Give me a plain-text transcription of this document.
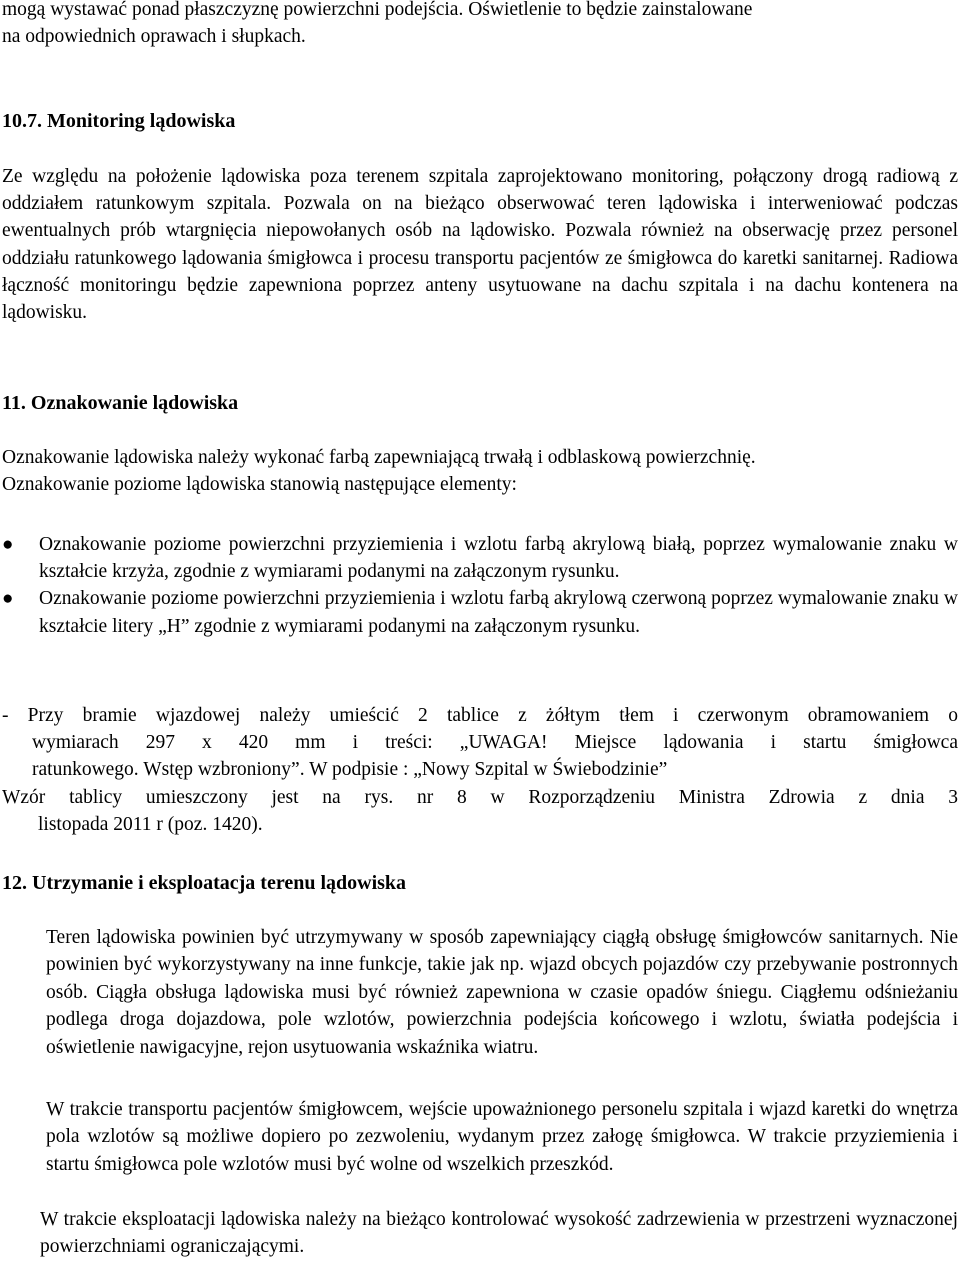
mogą wystawać ponad płaszczyznę powierzchni podejścia. Oświetlenie to będzie zainstalowane
na odpowiednich oprawach i słupkach.

10.7. Monitoring lądowiska

Ze względu na położenie lądowiska poza terenem szpitala zaprojektowano monitoring, połączony drogą radiową z oddziałem ratunkowym szpitala. Pozwala on na bieżąco obserwować teren lądowiska i interweniować podczas ewentualnych prób wtargnięcia niepowołanych osób na lądowisko. Pozwala również na obserwację przez personel oddziału ratunkowego lądowania śmigłowca i procesu transportu pacjentów ze śmigłowca do karetki sanitarnej. Radiowa łączność monitoringu będzie zapewniona poprzez anteny usytuowane na dachu szpitala i na dachu kontenera na lądowisku.

11. Oznakowanie lądowiska

Oznakowanie lądowiska należy wykonać farbą zapewniającą trwałą i odblaskową powierzchnię.
Oznakowanie poziome lądowiska stanowią następujące elementy:

● Oznakowanie poziome powierzchni przyziemienia i wzlotu farbą akrylową białą, poprzez wymalowanie znaku w kształcie krzyża, zgodnie z wymiarami podanymi na załączonym rysunku.
● Oznakowanie poziome powierzchni przyziemienia i wzlotu farbą akrylową czerwoną poprzez wymalowanie znaku w kształcie litery „H” zgodnie z wymiarami podanymi na załączonym rysunku.
- Przy bramie wjazdowej należy umieścić 2 tablice z żółtym tłem i czerwonym obramowaniem o
wymiarach 297 x 420 mm i treści: „UWAGA! Miejsce lądowania i startu śmigłowca
ratunkowego. Wstęp wzbroniony”. W podpisie : „Nowy Szpital w Świebodzinie”
Wzór tablicy umieszczony jest na rys. nr 8 w Rozporządzeniu Ministra Zdrowia z dnia 3
listopada 2011 r (poz. 1420).
12. Utrzymanie i eksploatacja terenu lądowiska

Teren lądowiska powinien być utrzymywany w sposób zapewniający ciągłą obsługę śmigłowców sanitarnych. Nie powinien być wykorzystywany na inne funkcje, takie jak np. wjazd obcych pojazdów czy przebywanie postronnych osób. Ciągła obsługa lądowiska musi być również zapewniona w czasie opadów śniegu. Ciągłemu odśnieżaniu podlega droga dojazdowa, pole wzlotów, powierzchnia podejścia końcowego i wzlotu, światła podejścia i oświetlenie nawigacyjne, rejon usytuowania wskaźnika wiatru.

W trakcie transportu pacjentów śmigłowcem, wejście upoważnionego personelu szpitala i wjazd karetki do wnętrza pola wzlotów są możliwe dopiero po zezwoleniu, wydanym przez załogę śmigłowca. W trakcie przyziemienia i startu śmigłowca pole wzlotów musi być wolne od wszelkich przeszkód.

W trakcie eksploatacji lądowiska należy na bieżąco kontrolować wysokość zadrzewienia w przestrzeni wyznaczonej powierzchniami ograniczającymi.
